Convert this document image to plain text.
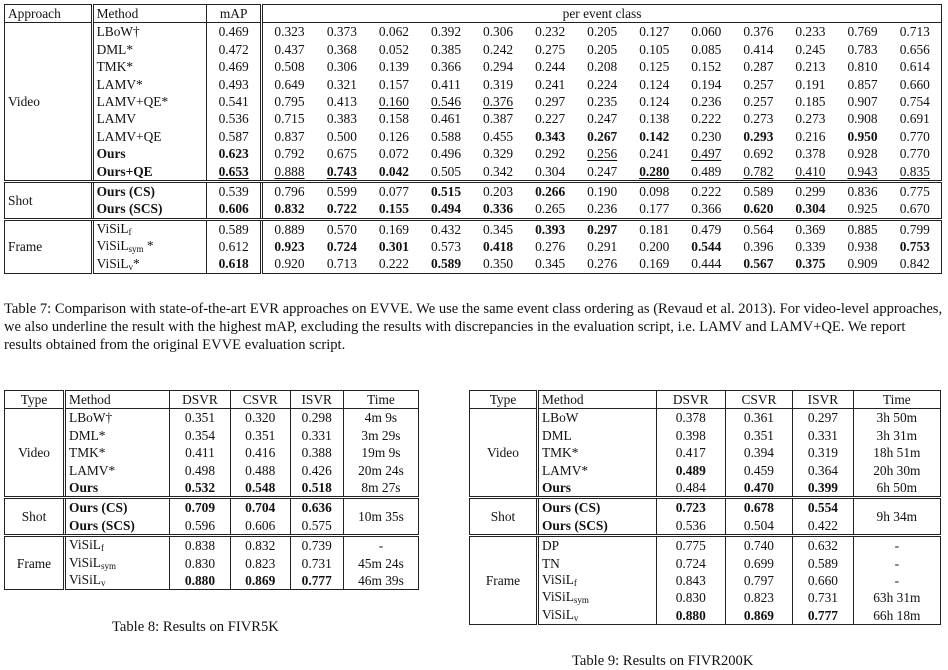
Approach	Method	mAP	per event class												
Video	LBoW†	0.469	0.323	0.373	0.062	0.392	0.306	0.232	0.205	0.127	0.060	0.376	0.233	0.769	0.713
	DML*	0.472	0.437	0.368	0.052	0.385	0.242	0.275	0.205	0.105	0.085	0.414	0.245	0.783	0.656
	TMK*	0.469	0.508	0.306	0.139	0.366	0.294	0.244	0.208	0.125	0.152	0.287	0.213	0.810	0.614
	LAMV*	0.493	0.649	0.321	0.157	0.411	0.319	0.241	0.224	0.124	0.194	0.257	0.191	0.857	0.660
	LAMV+QE*	0.541	0.795	0.413	0.160	0.546	0.376	0.297	0.235	0.124	0.236	0.257	0.185	0.907	0.754
	LAMV	0.536	0.715	0.383	0.158	0.461	0.387	0.227	0.247	0.138	0.222	0.273	0.273	0.908	0.691
	LAMV+QE	0.587	0.837	0.500	0.126	0.588	0.455	0.343	0.267	0.142	0.230	0.293	0.216	0.950	0.770
	Ours	0.623	0.792	0.675	0.072	0.496	0.329	0.292	0.256	0.241	0.497	0.692	0.378	0.928	0.770
	Ours+QE	0.653	0.888	0.743	0.042	0.505	0.342	0.304	0.247	0.280	0.489	0.782	0.410	0.943	0.835
Shot	Ours (CS)	0.539	0.796	0.599	0.077	0.515	0.203	0.266	0.190	0.098	0.222	0.589	0.299	0.836	0.775
	Ours (SCS)	0.606	0.832	0.722	0.155	0.494	0.336	0.265	0.236	0.177	0.366	0.620	0.304	0.925	0.670
Frame	ViSiL$_f$	0.589	0.889	0.570	0.169	0.432	0.345	0.393	0.297	0.181	0.479	0.564	0.369	0.885	0.799
	ViSiL$_{sym}$ *	0.612	0.923	0.724	0.301	0.573	0.418	0.276	0.291	0.200	0.544	0.396	0.339	0.938	0.753
	ViSiL$_v$*	0.618	0.920	0.713	0.222	0.589	0.350	0.345	0.276	0.169	0.444	0.567	0.375	0.909	0.842
Table 7: Comparison with state-of-the-art EVR approaches on EVVE. We use the same event class ordering as (Revaud et al. 2013). For video-level approaches, we also underline the result with the highest mAP, excluding the results with discrepancies in the evaluation script, i.e. LAMV and LAMV+QE. We report results obtained from the original EVVE evaluation script.
Type	Method	DSVR	CSVR	ISVR	Time
Video	LBoW†	0.351	0.320	0.298	4m 9s
	DML*	0.354	0.351	0.331	3m 29s
	TMK*	0.411	0.416	0.388	19m 9s
	LAMV*	0.498	0.488	0.426	20m 24s
	Ours	0.532	0.548	0.518	8m 27s
Shot	Ours (CS)	0.709	0.704	0.636	10m 35s
	Ours (SCS)	0.596	0.606	0.575	
Frame	ViSiL$_f$	0.838	0.832	0.739	-
	ViSiL$_{sym}$	0.830	0.823	0.731	45m 24s
	ViSiL$_v$	0.880	0.869	0.777	46m 39s
Table 8: Results on FIVR5K
Type	Method	DSVR	CSVR	ISVR	Time
Video	LBoW	0.378	0.361	0.297	3h 50m
	DML	0.398	0.351	0.331	3h 31m
	TMK*	0.417	0.394	0.319	18h 51m
	LAMV*	0.489	0.459	0.364	20h 30m
	Ours	0.484	0.470	0.399	6h 50m
Shot	Ours (CS)	0.723	0.678	0.554	9h 34m
	Ours (SCS)	0.536	0.504	0.422	
Frame	DP	0.775	0.740	0.632	-
	TN	0.724	0.699	0.589	-
	ViSiL$_f$	0.843	0.797	0.660	-
	ViSiL$_{sym}$	0.830	0.823	0.731	63h 31m
	ViSiL$_v$	0.880	0.869	0.777	66h 18m
Table 9: Results on FIVR200K
